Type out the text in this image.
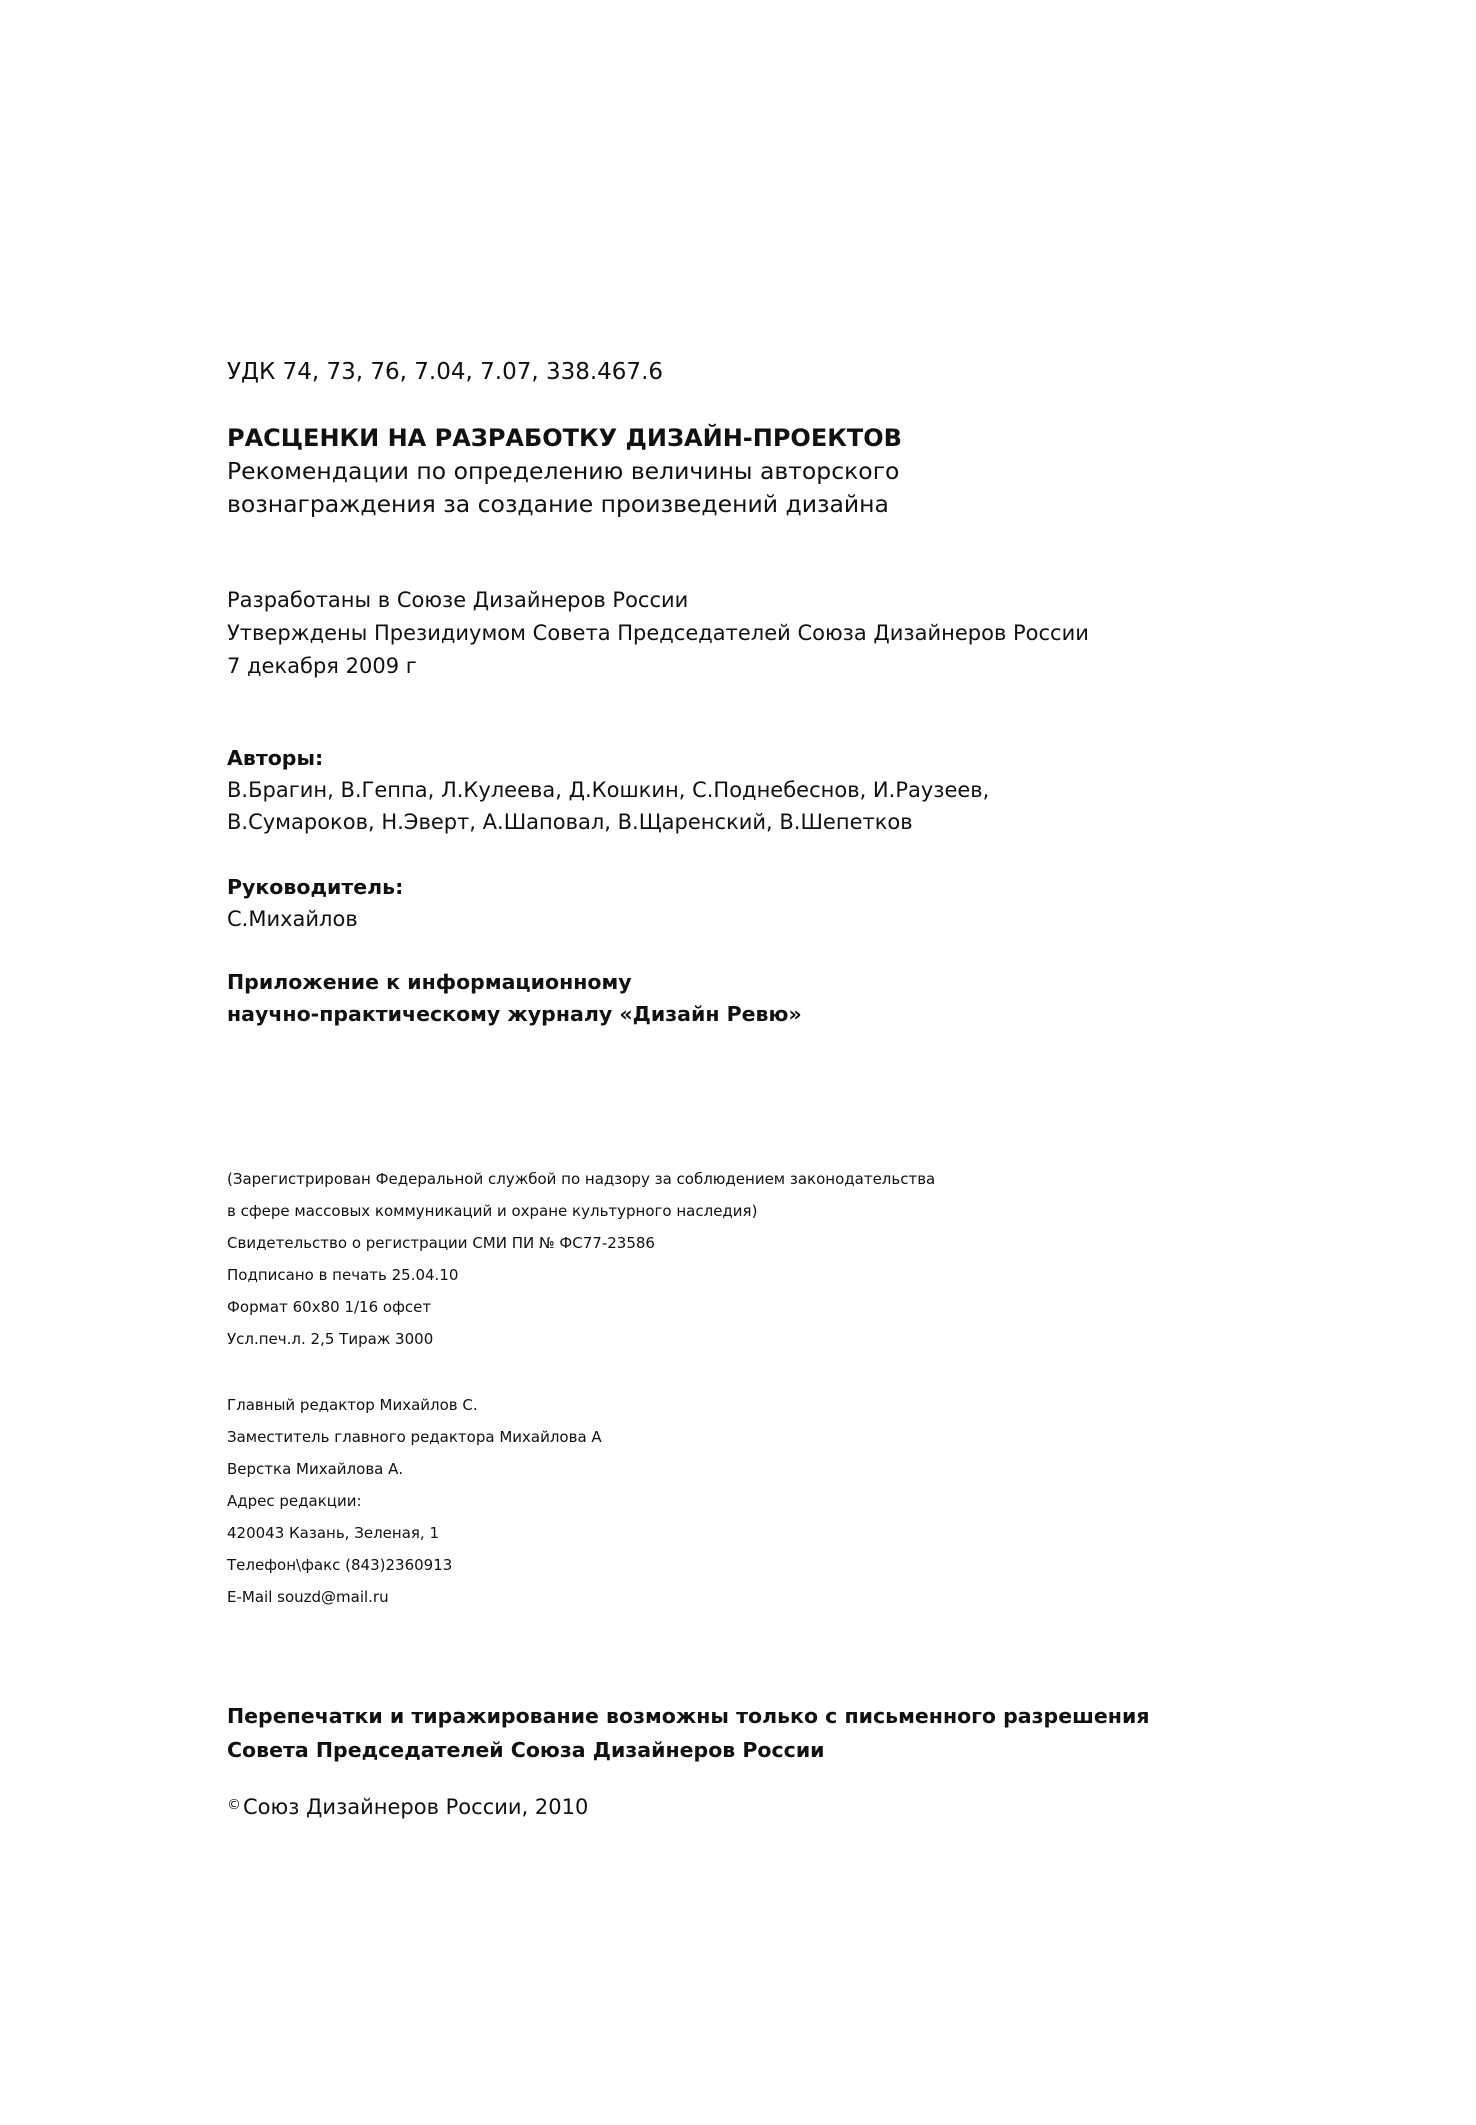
УДК 74, 73, 76, 7.04, 7.07, 338.467.6
РАСЦЕНКИ НА РАЗРАБОТКУ ДИЗАЙН-ПРОЕКТОВ
Рекомендации по определению величины авторского
вознаграждения за создание произведений дизайна
Разработаны в Союзе Дизайнеров России
Утверждены Президиумом Совета Председателей Союза Дизайнеров России
7 декабря 2009 г
Авторы:
В.Брагин, В.Геппа, Л.Кулеева, Д.Кошкин, С.Поднебеснов, И.Раузеев,
В.Сумароков, Н.Эверт, А.Шаповал, В.Щаренский, В.Шепетков
Руководитель:
С.Михайлов
Приложение к информационному
научно-практическому журналу «Дизайн Ревю»
(Зарегистрирован Федеральной службой по надзору за соблюдением законодательства
в сфере массовых коммуникаций и охране культурного наследия)
Свидетельство о регистрации СМИ ПИ № ФС77-23586
Подписано в печать 25.04.10
Формат 60х80 1/16 офсет
Усл.печ.л. 2,5 Тираж 3000
Главный редактор Михайлов С.
Заместитель главного редактора Михайлова А
Верстка Михайлова А.
Адрес редакции:
420043 Казань, Зеленая, 1
Телефон\факс (843)2360913
E-Mail souzd@mail.ru
Перепечатки и тиражирование возможны только с письменного разрешения
Совета Председателей Союза Дизайнеров России
©Союз Дизайнеров России, 2010
